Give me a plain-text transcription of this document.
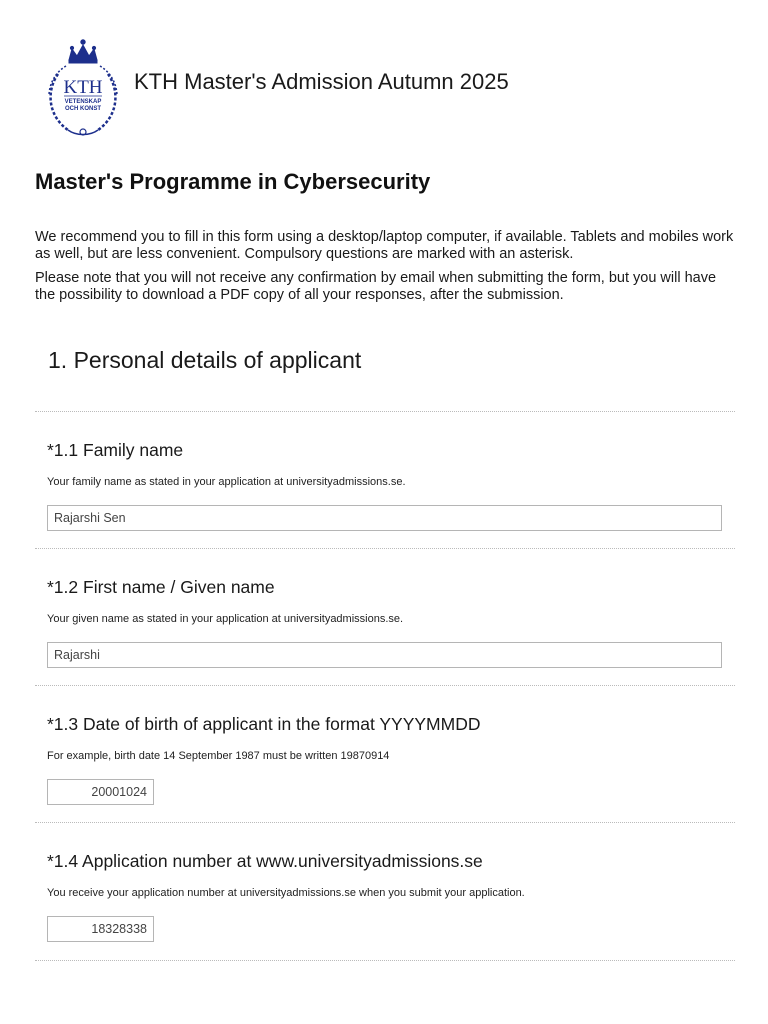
KTH
VETENSKAP
OCH KONST
KTH Master's Admission Autumn 2025
Master's Programme in Cybersecurity

We recommend you to fill in this form using a desktop/laptop computer, if available. Tablets and mobiles work as well, but are less convenient. Compulsory questions are marked with an asterisk.

Please note that you will not receive any confirmation by email when submitting the form, but you will have the possibility to download a PDF copy of all your responses, after the submission.

1. Personal details of applicant
*1.1 Family name
Your family name as stated in your application at universityadmissions.se.
Rajarshi Sen
*1.2 First name / Given name
Your given name as stated in your application at universityadmissions.se.
Rajarshi
*1.3 Date of birth of applicant in the format YYYYMMDD
For example, birth date 14 September 1987 must be written 19870914
20001024
*1.4 Application number at www.universityadmissions.se
You receive your application number at universityadmissions.se when you submit your application.
18328338
